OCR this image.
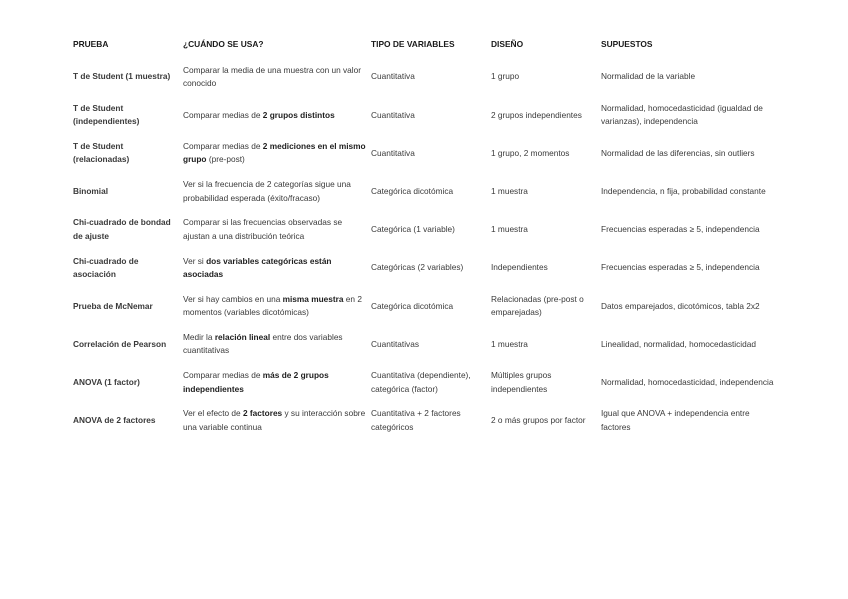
PRUEBA	¿CUÁNDO SE USA?	TIPO DE VARIABLES	DISEÑO	SUPUESTOS

T de Student (1 muestra)	Comparar la media de una muestra con un valor conocido	Cuantitativa	1 grupo	Normalidad de la variable
T de Student (independientes)	Comparar medias de 2 grupos distintos	Cuantitativa	2 grupos independientes	Normalidad, homocedasticidad (igualdad de varianzas), independencia
T de Student (relacionadas)	Comparar medias de 2 mediciones en el mismo grupo (pre-post)	Cuantitativa	1 grupo, 2 momentos	Normalidad de las diferencias, sin outliers
Binomial	Ver si la frecuencia de 2 categorías sigue una probabilidad esperada (éxito/fracaso)	Categórica dicotómica	1 muestra	Independencia, n fija, probabilidad constante
Chi-cuadrado de bondad de ajuste	Comparar si las frecuencias observadas se ajustan a una distribución teórica	Categórica (1 variable)	1 muestra	Frecuencias esperadas ≥ 5, independencia
Chi-cuadrado de asociación	Ver si dos variables categóricas están asociadas	Categóricas (2 variables)	Independientes	Frecuencias esperadas ≥ 5, independencia
Prueba de McNemar	Ver si hay cambios en una misma muestra en 2 momentos (variables dicotómicas)	Categórica dicotómica	Relacionadas (pre-post o emparejadas)	Datos emparejados, dicotómicos, tabla 2x2
Correlación de Pearson	Medir la relación lineal entre dos variables cuantitativas	Cuantitativas	1 muestra	Linealidad, normalidad, homocedasticidad
ANOVA (1 factor)	Comparar medias de más de 2 grupos independientes	Cuantitativa (dependiente), categórica (factor)	Múltiples grupos independientes	Normalidad, homocedasticidad, independencia
ANOVA de 2 factores	Ver el efecto de 2 factores y su interacción sobre una variable continua	Cuantitativa + 2 factores categóricos	2 o más grupos por factor	Igual que ANOVA + independencia entre factores
